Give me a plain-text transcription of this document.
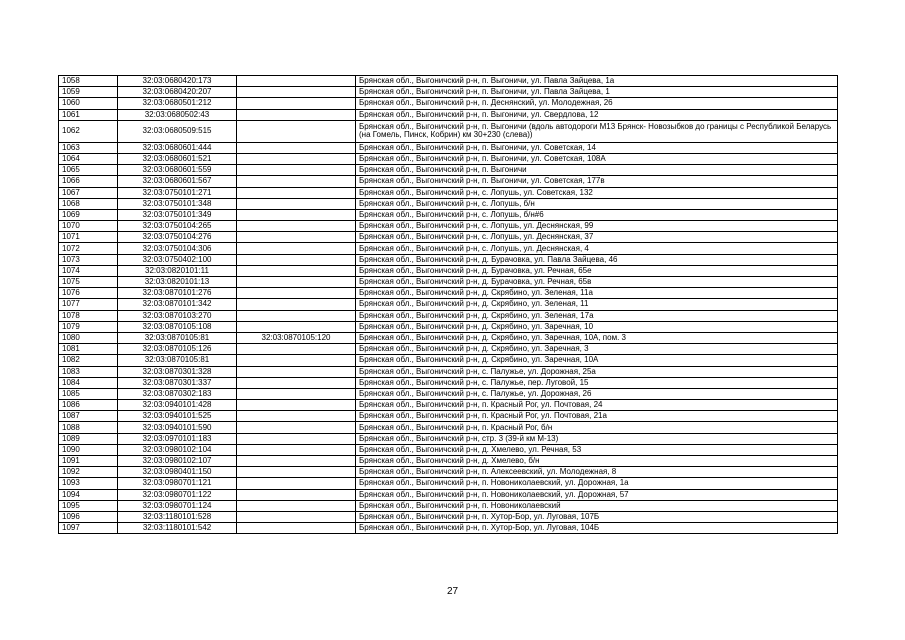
1058	32:03:0680420:173		Брянская обл., Выгоничский р-н, п. Выгоничи, ул. Павла Зайцева, 1а
1059	32:03:0680420:207		Брянская обл., Выгоничский р-н, п. Выгоничи, ул. Павла Зайцева, 1
1060	32:03:0680501:212		Брянская обл., Выгоничский р-н, п. Деснянский, ул. Молодежная, 26
1061	32:03:0680502:43		Брянская обл., Выгоничский р-н, п. Выгоничи, ул. Свердлова, 12
1062	32:03:0680509:515		Брянская обл., Выгоничский р-н, п. Выгоничи (вдоль автодороги М13 Брянск- Новозыбков до границы с Республикой Беларусь (на Гомель, Пинск, Кобрин) км 30+230 (слева))
1063	32:03:0680601:444		Брянская обл., Выгоничский р-н, п. Выгоничи, ул. Советская, 14
1064	32:03:0680601:521		Брянская обл., Выгоничский р-н, п. Выгоничи, ул. Советская, 108А
1065	32:03:0680601:559		Брянская обл., Выгоничский р-н, п. Выгоничи
1066	32:03:0680601:567		Брянская обл., Выгоничский р-н, п. Выгоничи, ул. Советская, 177в
1067	32:03:0750101:271		Брянская обл., Выгоничский р-н, с. Лопушь, ул. Советская, 132
1068	32:03:0750101:348		Брянская обл., Выгоничский р-н, с. Лопушь, б/н
1069	32:03:0750101:349		Брянская обл., Выгоничский р-н, с. Лопушь, б/н#6
1070	32:03:0750104:265		Брянская обл., Выгоничский р-н, с. Лопушь, ул. Деснянская, 99
1071	32:03:0750104:276		Брянская обл., Выгоничский р-н, с. Лопушь, ул. Деснянская, 37
1072	32:03:0750104:306		Брянская обл., Выгоничский р-н, с. Лопушь, ул. Деснянская, 4
1073	32:03:0750402:100		Брянская обл., Выгоничский р-н, д. Бурачовка, ул. Павла Зайцева, 46
1074	32:03:0820101:11		Брянская обл., Выгоничский р-н, д. Бурачовка, ул. Речная, 65е
1075	32:03:0820101:13		Брянская обл., Выгоничский р-н, д. Бурачовка, ул. Речная, 65в
1076	32:03:0870101:276		Брянская обл., Выгоничский р-н, д. Скрябино, ул. Зеленая, 11а
1077	32:03:0870101:342		Брянская обл., Выгоничский р-н, д. Скрябино, ул. Зеленая, 11
1078	32:03:0870103:270		Брянская обл., Выгоничский р-н, д. Скрябино, ул. Зеленая, 17а
1079	32:03:0870105:108		Брянская обл., Выгоничский р-н, д. Скрябино, ул. Заречная, 10
1080	32:03:0870105:81	32:03:0870105:120	Брянская обл., Выгоничский р-н, д. Скрябино, ул. Заречная, 10А, пом. 3
1081	32:03:0870105:126		Брянская обл., Выгоничский р-н, д. Скрябино, ул. Заречная, 3
1082	32:03:0870105:81		Брянская обл., Выгоничский р-н, д. Скрябино, ул. Заречная, 10А
1083	32:03:0870301:328		Брянская обл., Выгоничский р-н, с. Палужье, ул. Дорожная, 25а
1084	32:03:0870301:337		Брянская обл., Выгоничский р-н, с. Палужье, пер. Луговой, 15
1085	32:03:0870302:183		Брянская обл., Выгоничский р-н, с. Палужье, ул. Дорожная, 26
1086	32:03:0940101:428		Брянская обл., Выгоничский р-н, п. Красный Рог, ул. Почтовая, 24
1087	32:03:0940101:525		Брянская обл., Выгоничский р-н, п. Красный Рог, ул. Почтовая, 21а
1088	32:03:0940101:590		Брянская обл., Выгоничский р-н, п. Красный Рог, б/н
1089	32:03:0970101:183		Брянская обл., Выгоничский р-н, стр. 3 (39-й км М-13)
1090	32:03:0980102:104		Брянская обл., Выгоничский р-н, д. Хмелево, ул. Речная, 53
1091	32:03:0980102:107		Брянская обл., Выгоничский р-н, д. Хмелево, б/н
1092	32:03:0980401:150		Брянская обл., Выгоничский р-н, п. Алексеевский, ул. Молодежная, 8
1093	32:03:0980701:121		Брянская обл., Выгоничский р-н, п. Новониколаевский, ул. Дорожная, 1а
1094	32:03:0980701:122		Брянская обл., Выгоничский р-н, п. Новониколаевский, ул. Дорожная, 57
1095	32:03:0980701:124		Брянская обл., Выгоничский р-н, п. Новониколаевский
1096	32:03:1180101:528		Брянская обл., Выгоничский р-н, п. Хутор-Бор, ул. Луговая, 107Б
1097	32:03:1180101:542		Брянская обл., Выгоничский р-н, п. Хутор-Бор, ул. Луговая, 104Б
27
